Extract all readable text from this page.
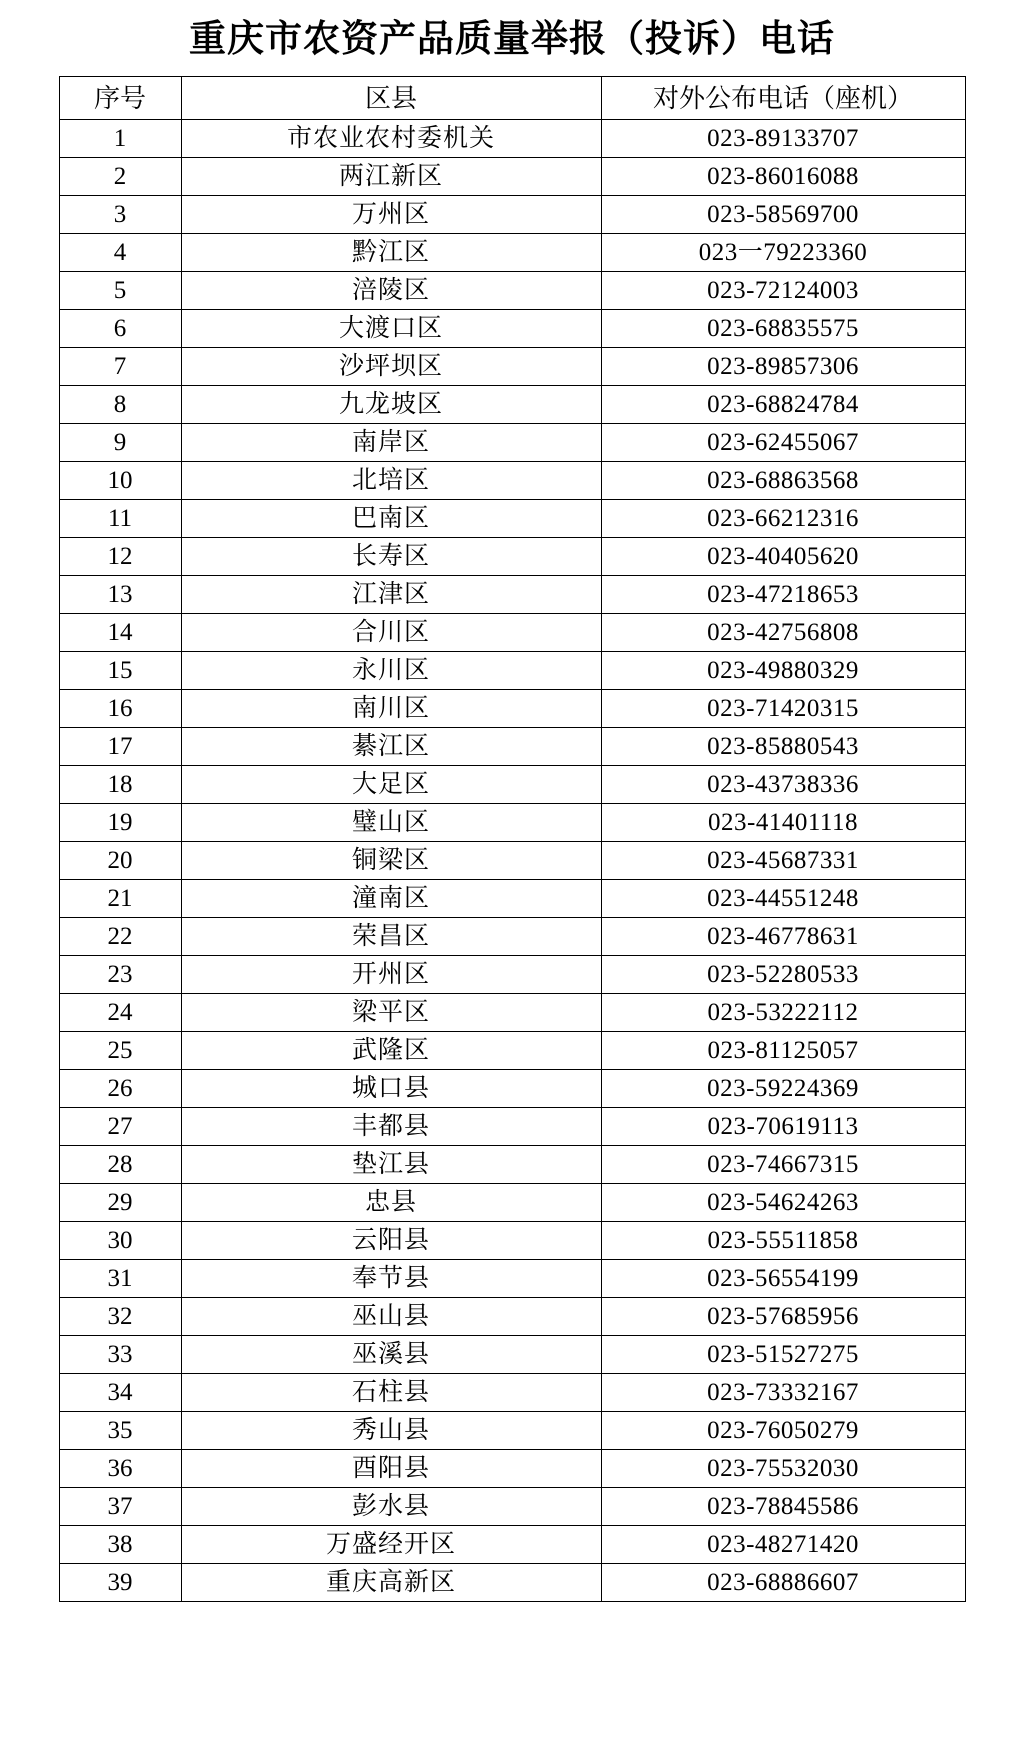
重庆市农资产品质量举报（投诉）电话
序号	区县	对外公布电话（座机）
1	市农业农村委机关	023-89133707
2	两江新区	023-86016088
3	万州区	023-58569700
4	黔江区	023一79223360
5	涪陵区	023-72124003
6	大渡口区	023-68835575
7	沙坪坝区	023-89857306
8	九龙坡区	023-68824784
9	南岸区	023-62455067
10	北培区	023-68863568
11	巴南区	023-66212316
12	长寿区	023-40405620
13	江津区	023-47218653
14	合川区	023-42756808
15	永川区	023-49880329
16	南川区	023-71420315
17	綦江区	023-85880543
18	大足区	023-43738336
19	璧山区	023-41401118
20	铜梁区	023-45687331
21	潼南区	023-44551248
22	荣昌区	023-46778631
23	开州区	023-52280533
24	梁平区	023-53222112
25	武隆区	023-81125057
26	城口县	023-59224369
27	丰都县	023-70619113
28	垫江县	023-74667315
29	忠县	023-54624263
30	云阳县	023-55511858
31	奉节县	023-56554199
32	巫山县	023-57685956
33	巫溪县	023-51527275
34	石柱县	023-73332167
35	秀山县	023-76050279
36	酉阳县	023-75532030
37	彭水县	023-78845586
38	万盛经开区	023-48271420
39	重庆高新区	023-68886607
